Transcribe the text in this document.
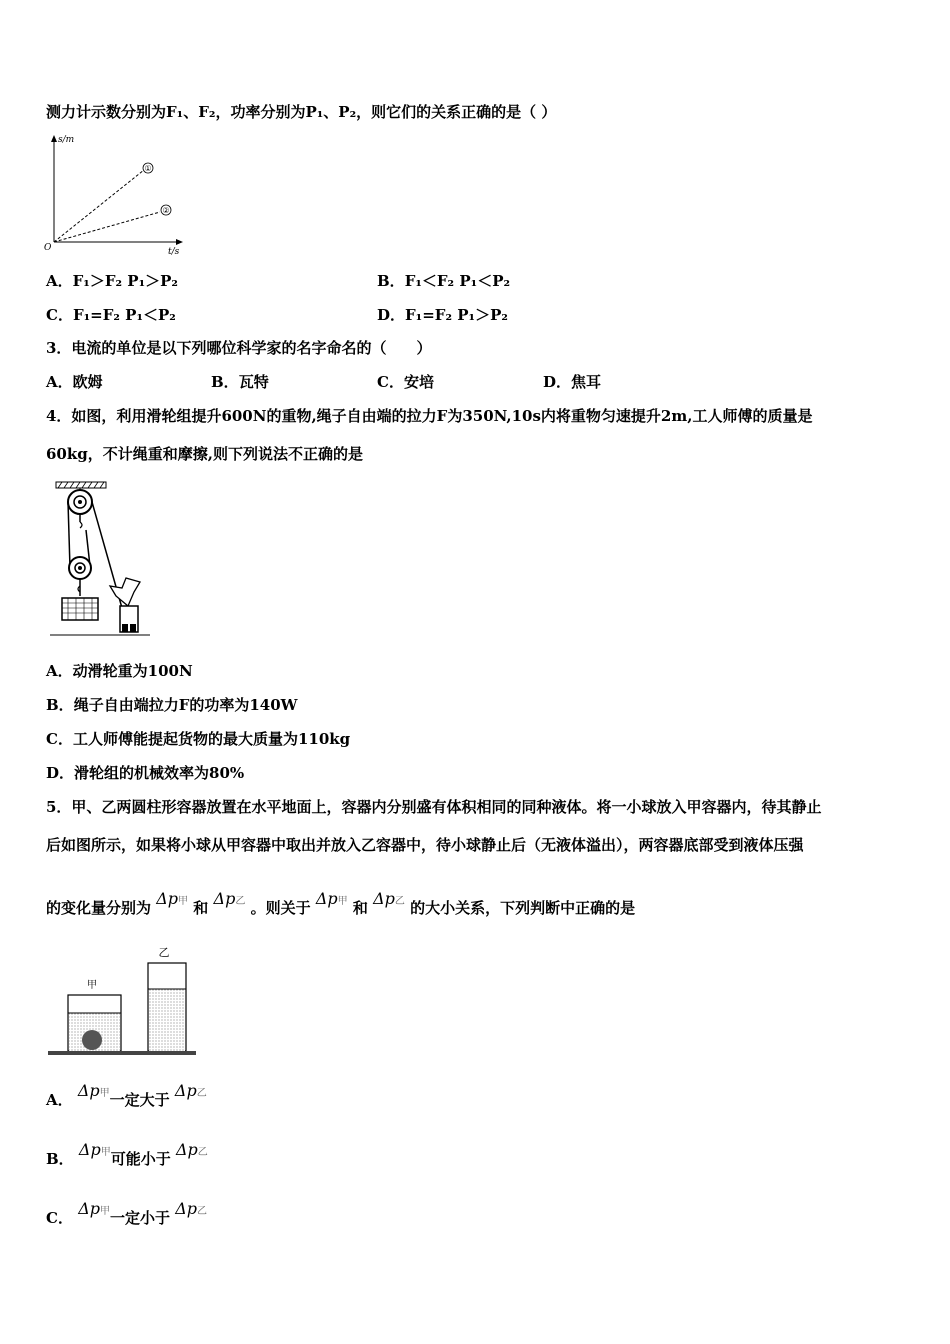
测力计示数分别为F₁、F₂，功率分别为P₁、P₂，则它们的关系正确的是（ ）
①
②
s/m
t/s
O
A．F₁＞F₂ P₁＞P₂	B．F₁＜F₂ P₁＜P₂
C．F₁=F₂ P₁＜P₂	D．F₁=F₂ P₁＞P₂
3．电流的单位是以下列哪位科学家的名字命名的（　　）
A．欧姆	B．瓦特	C．安培	D．焦耳
4．如图，利用滑轮组提升600N的重物,绳子自由端的拉力F为350N,10s内将重物匀速提升2m,工人师傅的质量是
60kg，不计绳重和摩擦,则下列说法不正确的是
A．动滑轮重为100N
B．绳子自由端拉力F的功率为140W
C．工人师傅能提起货物的最大质量为110kg
D．滑轮组的机械效率为80%
5．甲、乙两圆柱形容器放置在水平地面上，容器内分别盛有体积相同的同种液体。将一小球放入甲容器内，待其静止
后如图所示，如果将小球从甲容器中取出并放入乙容器中，待小球静止后（无液体溢出），两容器底部受到液体压强
的变化量分别为 Δp甲 和 Δp乙 。则关于 Δp甲 和 Δp乙 的大小关系，下列判断中正确的是
甲
乙
A． Δp甲一定大于 Δp乙
B． Δp甲可能小于 Δp乙
C． Δp甲一定小于 Δp乙
